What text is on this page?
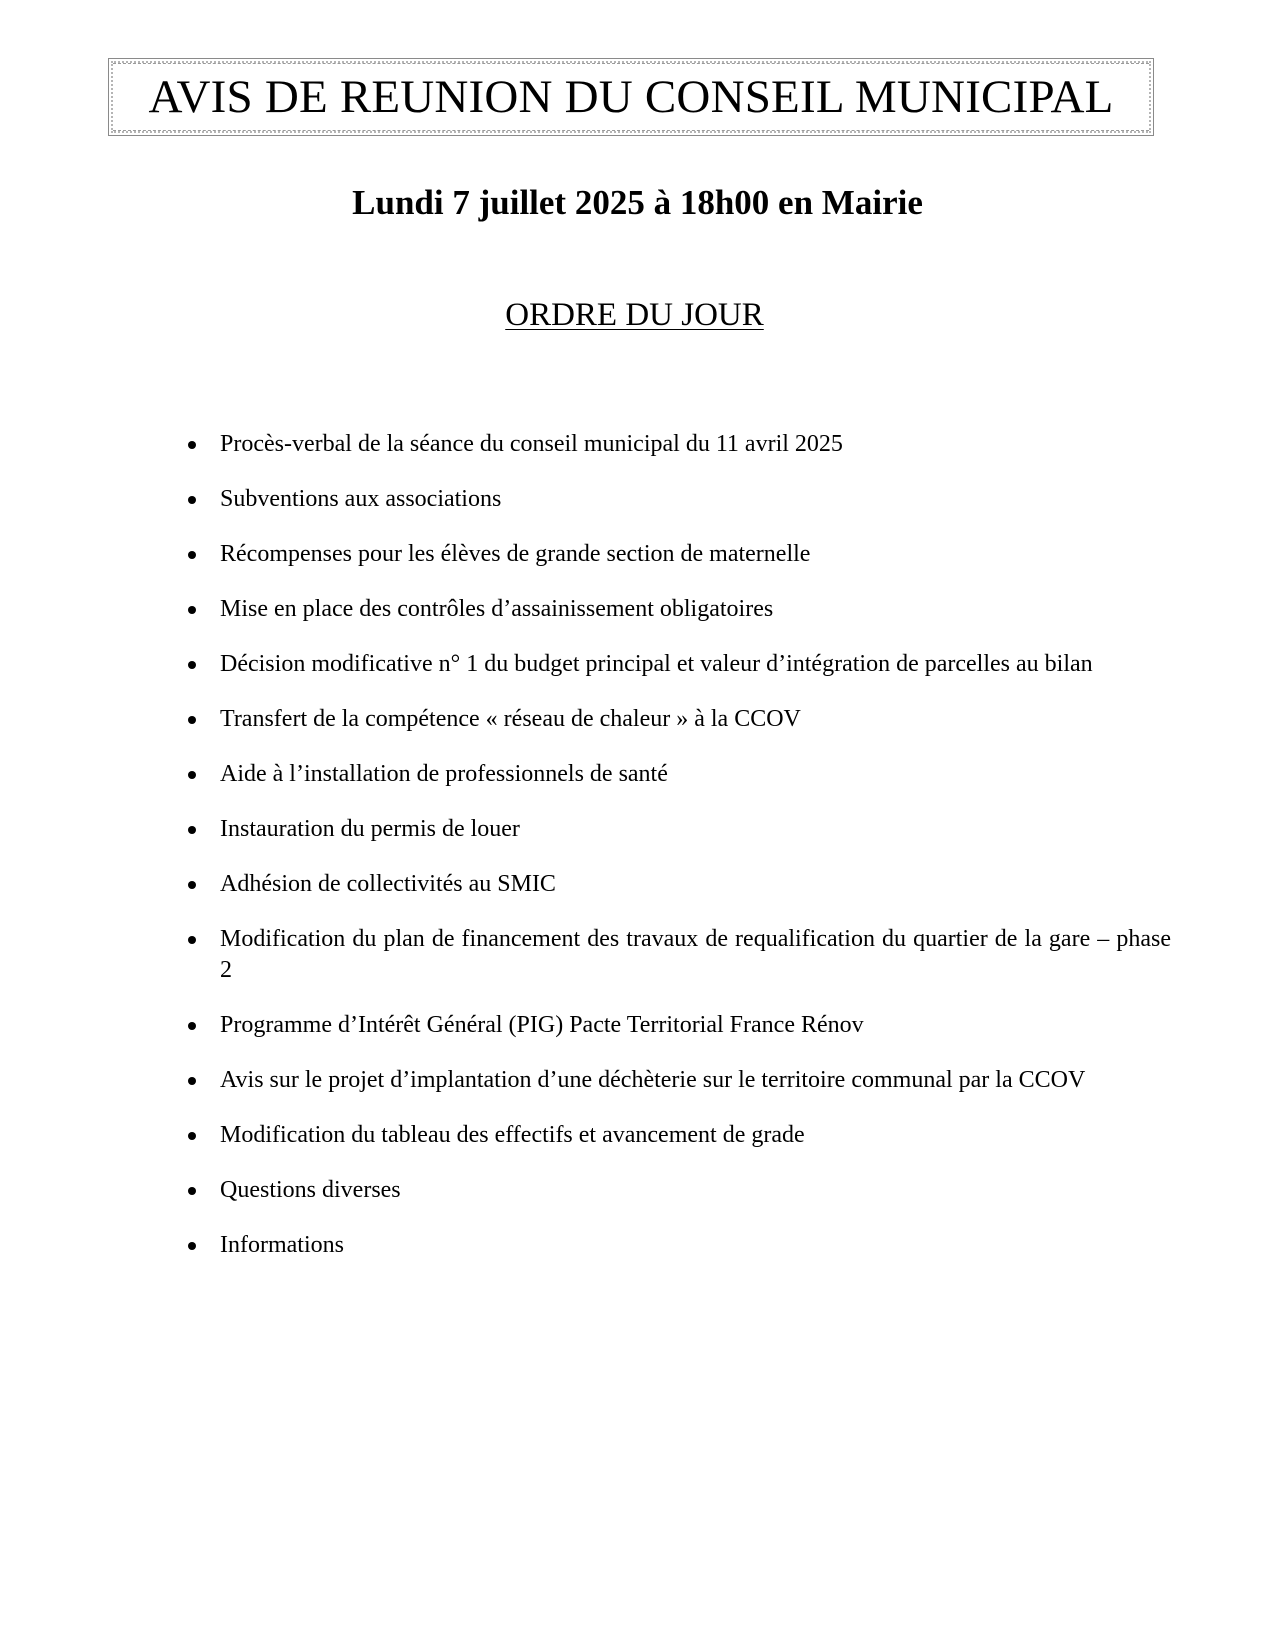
AVIS DE REUNION DU CONSEIL MUNICIPAL

Lundi 7 juillet 2025 à 18h00 en Mairie

ORDRE DU JOUR
Procès-verbal de la séance du conseil municipal du 11 avril 2025
Subventions aux associations
Récompenses pour les élèves de grande section de maternelle
Mise en place des contrôles d’assainissement obligatoires
Décision modificative n° 1 du budget principal et valeur d’intégration de parcelles au bilan
Transfert de la compétence « réseau de chaleur » à la CCOV
Aide à l’installation de professionnels de santé
Instauration du permis de louer
Adhésion de collectivités au SMIC
Modification du plan de financement des travaux de requalification du quartier de la gare – phase 2
Programme d’Intérêt Général (PIG) Pacte Territorial France Rénov
Avis sur le projet d’implantation d’une déchèterie sur le territoire communal par la CCOV
Modification du tableau des effectifs et avancement de grade
Questions diverses
Informations
